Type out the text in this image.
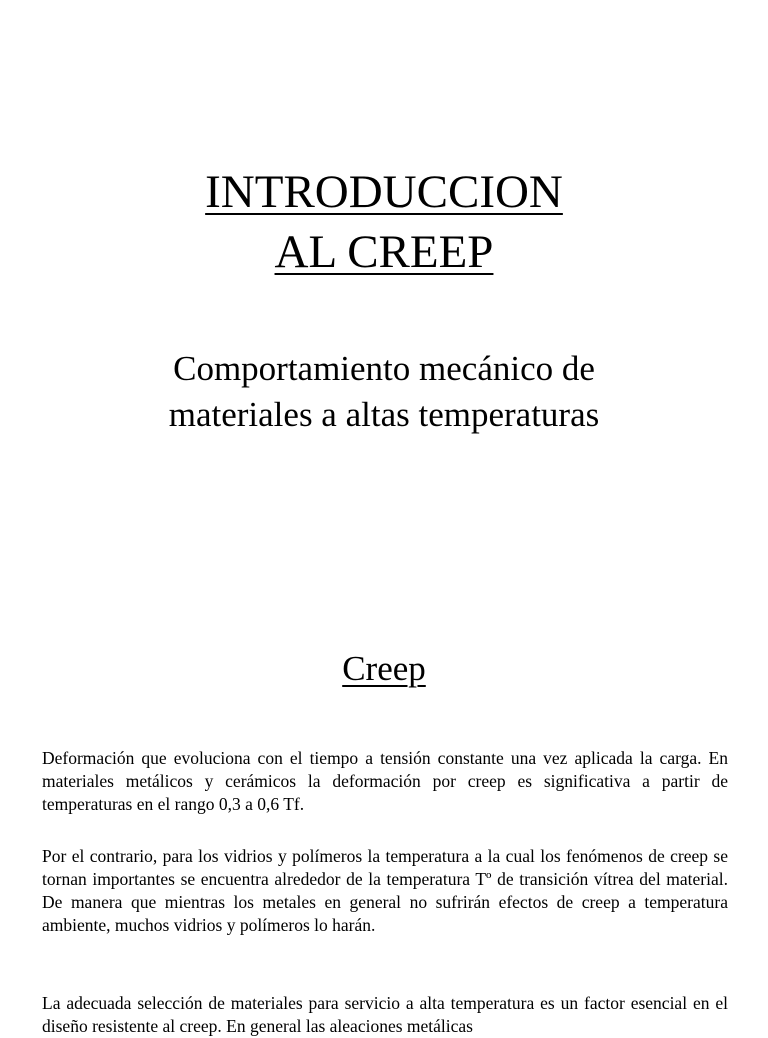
INTRODUCCION
AL CREEP
Comportamiento mecánico de
materiales a altas temperaturas
Creep

Deformación que evoluciona con el tiempo a tensión constante una vez aplicada la carga. En materiales metálicos y cerámicos la deformación por creep es significativa a partir de temperaturas en el rango 0,3 a 0,6 Tf.

Por el contrario, para los vidrios y polímeros la temperatura a la cual los fenómenos de creep se tornan importantes se encuentra alrededor de la temperatura Tº de transición vítrea del material. De manera que mientras los metales en general no sufrirán efectos de creep a temperatura ambiente, muchos vidrios y polímeros lo harán.

La adecuada selección de materiales para servicio a alta temperatura es un factor esencial en el diseño resistente al creep. En general las aleaciones metálicas
